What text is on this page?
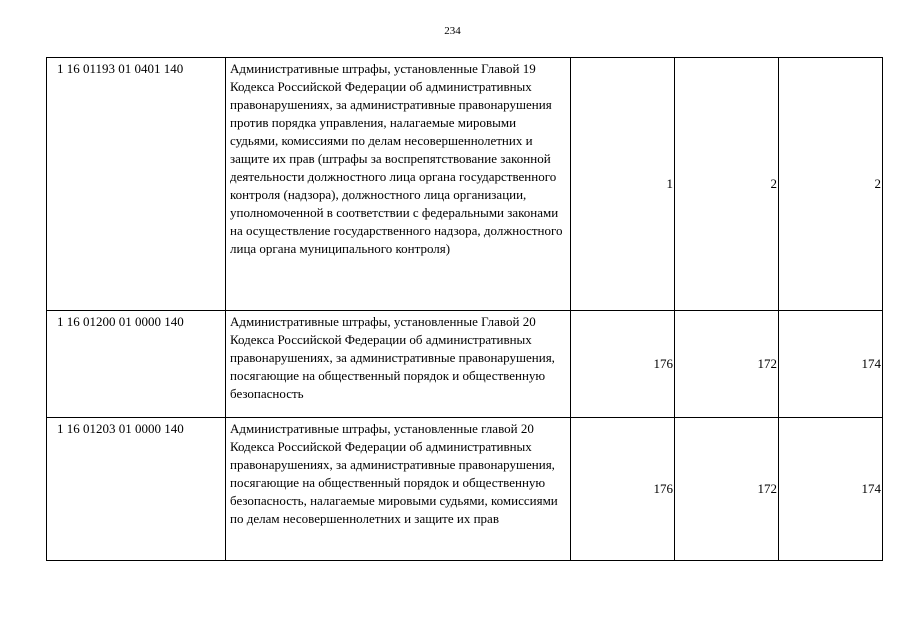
234
1 16 01193 01 0401 140	Административные штрафы, установленные Главой 19 Кодекса Российской Федерации об административных правонарушениях, за административные правонарушения против порядка управления, налагаемые мировыми судьями, комиссиями по делам несовершеннолетних и защите их прав (штрафы за воспрепятствование законной деятельности должностного лица органа государственного контроля (надзора), должностного лица организации, уполномоченной в соответствии с федеральными законами на осуществление государственного надзора, должностного лица органа муниципального контроля)	1	2	2
1 16 01200 01 0000 140	Административные штрафы, установленные Главой 20 Кодекса Российской Федерации об административных правонарушениях, за административные правонарушения, посягающие на общественный порядок и общественную безопасность	176	172	174
1 16 01203 01 0000 140	Административные штрафы, установленные главой 20 Кодекса Российской Федерации об административных правонарушениях, за административные правонарушения, посягающие на общественный порядок и общественную безопасность, налагаемые мировыми судьями, комиссиями по делам несовершеннолетних и защите их прав	176	172	174
